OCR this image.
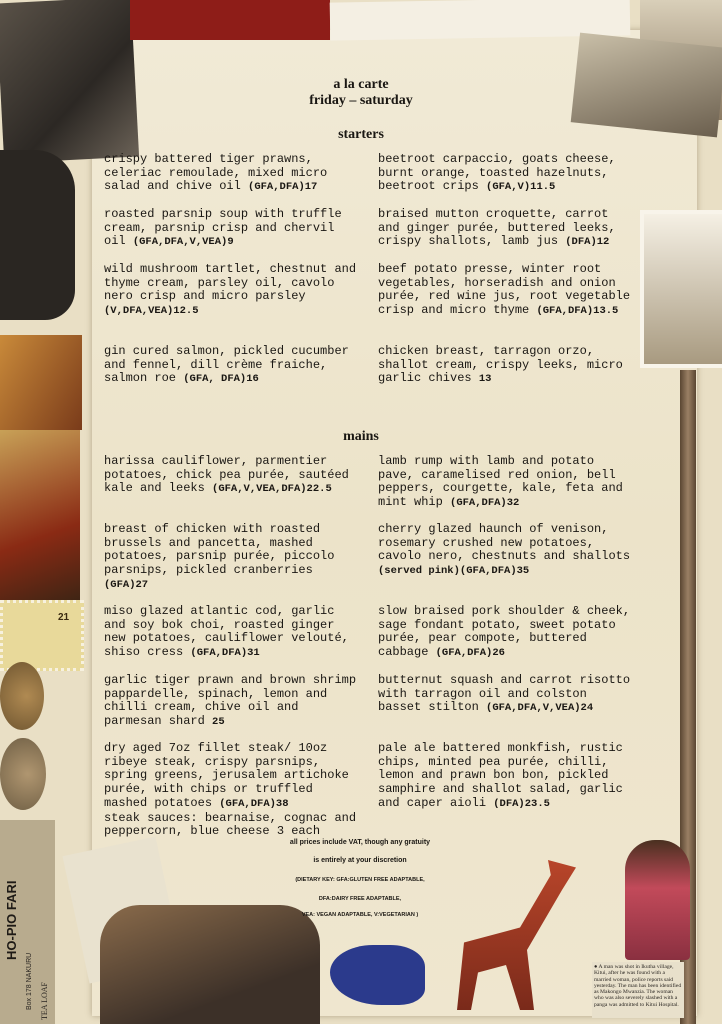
a la carte
friday – saturday
starters
mains
crispy battered tiger prawns,
celeriac remoulade, mixed micro
salad and chive oil (GFA,DFA)17
beetroot carpaccio, goats cheese,
burnt orange, toasted hazelnuts,
beetroot crips (GFA,V)11.5
roasted parsnip soup with truffle
cream, parsnip crisp and chervil
oil (GFA,DFA,V,VEA)9
braised mutton croquette, carrot
and ginger purée, buttered leeks,
crispy shallots, lamb jus (DFA)12
wild mushroom tartlet, chestnut and
thyme cream, parsley oil, cavolo
nero crisp and micro parsley
(V,DFA,VEA)12.5
beef potato presse, winter root
vegetables, horseradish and onion
purée, red wine jus, root vegetable
crisp and micro thyme (GFA,DFA)13.5
gin cured salmon, pickled cucumber
and fennel, dill crème fraiche,
salmon roe (GFA, DFA)16
chicken breast, tarragon orzo,
shallot cream, crispy leeks, micro
garlic chives 13
harissa cauliflower, parmentier
potatoes, chick pea purée, sautéed
kale and leeks (GFA,V,VEA,DFA)22.5
lamb rump with lamb and potato
pave, caramelised red onion, bell
peppers, courgette, kale, feta and
mint whip (GFA,DFA)32
breast of chicken with roasted
brussels and pancetta, mashed
potatoes, parsnip purée, piccolo
parsnips, pickled cranberries
(GFA)27
cherry glazed haunch of venison,
rosemary crushed new potatoes,
cavolo nero, chestnuts and shallots
(served pink)(GFA,DFA)35
miso glazed atlantic cod, garlic
and soy bok choi, roasted ginger
new potatoes, cauliflower velouté,
shiso cress (GFA,DFA)31
slow braised pork shoulder & cheek,
sage fondant potato, sweet potato
purée, pear compote, buttered
cabbage (GFA,DFA)26
garlic tiger prawn and brown shrimp
pappardelle, spinach, lemon and
chilli cream, chive oil and
parmesan shard 25
butternut squash and carrot risotto
with tarragon oil and colston
basset stilton (GFA,DFA,V,VEA)24
dry aged 7oz fillet steak/ 10oz
ribeye steak, crispy parsnips,
spring greens, jerusalem artichoke
purée, with chips or truffled
mashed potatoes (GFA,DFA)38
steak sauces: bearnaise, cognac and
peppercorn, blue cheese 3 each
pale ale battered monkfish, rustic
chips, minted pea purée, chilli,
lemon and prawn bon bon, pickled
samphire and shallot salad, garlic
and caper aioli (DFA)23.5
all prices include VAT, though any gratuity
is entirely at your discretion
(DIETARY KEY: GFA:GLUTEN FREE ADAPTABLE,
DFA:DAIRY FREE ADAPTABLE,
VEA: VEGAN ADAPTABLE, V:VEGETARIAN )
HO-PIO FARI
Box 178 NAKURU TEA LOAF
21
● A man was shot in Ikutha village, Kitui, after he was found with a married woman, police reports said yesterday. The man has been identified as Makongo Mwanzia. The woman who was also severely slashed with a panga was admitted to Kitui Hospital.
